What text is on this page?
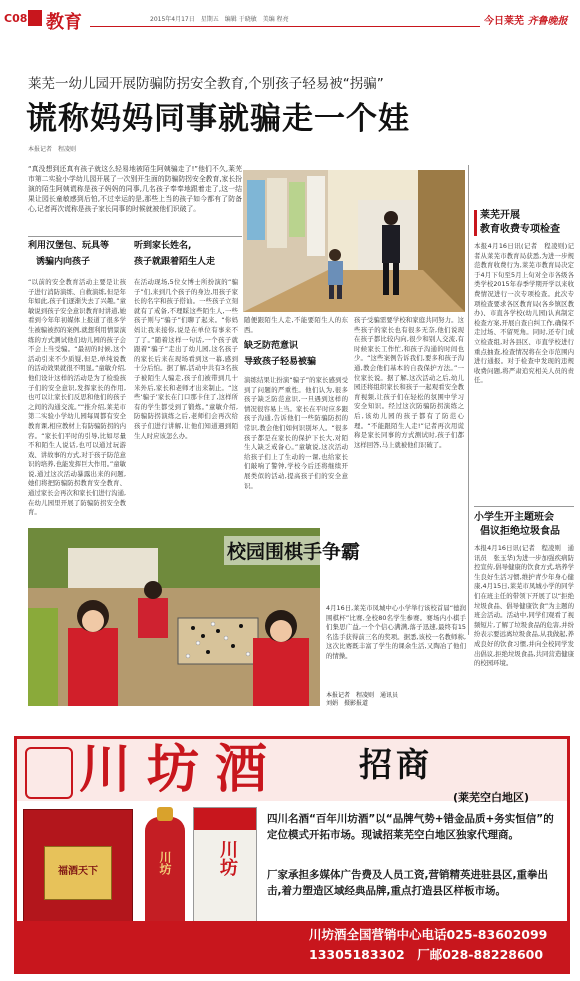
C08 教育	2015年4月17日　 星期五　 编辑 于晓敏　 美编 程亮	今日莱芜 齐鲁晚报
莱芜一幼儿园开展防骗防拐安全教育,个别孩子轻易被“拐骗”
谎称妈妈同事就骗走一个娃
本报记者　程凌则
“真没想到还真有孩子就这么轻易地被陌生阿姨骗走了!”他们不久,莱芜市第二实验小学幼儿园开展了一次别开生面的防骗防拐安全教育,家长扮演的陌生阿姨谎称是孩子妈妈的同事,几名孩子奉奉地跟着走了,这一结果让园长童敏感到后怕,不过幸运的是,那些上当的孩子如今都有了防备心,记者再次谎称是孩子家长同事的时候就被他们识破了。
利用汉堡包、玩具等
诱骗内向孩子
“以前的安全教育活动主要是让孩子进行消防演练、自救演练,但是年年如此,孩子们逐渐失去了兴趣。”童敏说到孩子安全意识教育时讲道,她看到今年年初媒体上报道了很多学生被骗被拐的案例,就想利用情景演练的方式测试他们幼儿园的孩子会不会上当受骗。“最初的时候,这个活动引来不少质疑,但是,单纯说教的活动效果就很不明显。”童敏介绍,他们设计这样的活动是为了检验孩子们的安全意识,发挥家长的作用,也可以让家长们反思和他们的孩子之间的沟通交流。”“推介绍,莱芜市第二实验小学幼儿园每周都有安全教育课,相应教材上有防骗防拐的内容。“家长们平时的引导,比如尽量不和陌生人说话,也可以通过玩游戏、讲故事的方式,对于孩子防范意识的培养,也能发挥巨大作用。”童敏说,通过这次活动暴露出来的问题,她们将把防骗防拐教育安全教育、通过家长会再次和家长们进行沟通,在幼儿园里开展了防骗防拐安全教育。
听到家长姓名,
孩子就跟着陌生人走
在活动现场,5位女博士所扮演的“骗子”们,来到几个孩子的身边,用孩子家长的名字和孩子搭讪。一些孩子立刻就有了戒备,不理睬这些陌生人,一些孩子则与“骗子”们聊了起来。“你妈妈让我来接你,说是在单位有事来不了了。”随着这样一句话,一个孩子就跟着“骗子”走出了幼儿园,这名孩子的家长后来在现场看到这一幕,感到十分后怕。据了解,活动中共有3名孩子被陌生人骗走,孩子们被带到几十米外后,家长和老师才出来制止。“这些‘骗子’家长在门口那卡住了,这样所有的学生都受到了锻炼。”童敏介绍,防骗防拐演练之后,老师们会再次给孩子们进行讲解,让他们知道遇到陌生人时应该怎么办。
随便跟陌生人走,不能要陌生人的东西。
缺乏防范意识
导致孩子轻易被骗
演练结果让扮演“骗子”的家长感到受到了问题的严重性。他们认为,很多孩子缺乏防范意识,一旦遇到这样的情况很容易上当。家长在平时应多跟孩子沟通,告诉他们一些防骗防拐的常识,教会他们如何识别坏人。“很多孩子都是在家长的保护下长大,对陌生人缺乏戒备心。”童敏说,这次活动给孩子们上了生动的一课,也给家长们敲响了警钟,学校今后还将继续开展类似的活动,提高孩子们的安全意识。
孩子受骗需要学校和家庭共同努力。这些孩子的家长也有很多无奈,他们说现在孩子都比较内向,很少和别人交流,有时候家长工作忙,和孩子沟通的时间也少。“这些案例告诉我们,要多和孩子沟通,教会他们基本的自我保护方法。”一位家长说。据了解,这次活动之后,幼儿园还将组织家长和孩子一起观看安全教育视频,让孩子们在轻松的氛围中学习安全知识。经过这次防骗防拐演练之后,该幼儿园的孩子都有了防范心理。“不能跟陌生人走!”记者再次用谎称是家长同事的方式测试时,孩子们都这样回答,马上就被他们识破了。
莱芜开展
教育收费专项检查
本报4月16日讯(记者　程凌则)记者从莱芜市教育局获悉,为进一步规范教育收费行为,莱芜市教育局决定于4月下旬至5月上旬对全市各级各类学校2015年春季学期开学以来收费情况进行一次专项检查。此次专项检查要求各区教育局(各乡镇区教办)、市直各学校(幼儿园)认真制定检查方案,开展自查自纠工作,确保不走过场、不留死角。同时,还专门成立检查组,对各县区、市直学校进行重点抽查,检查情况将在全市范围内进行通报。对于检查中发现的违规收费问题,将严肃追究相关人员的责任。
小学生开主题班会
倡议拒绝垃圾食品
本报4月16日讯(记者　程凌则　通讯员　张玉华)为进一步加强疾病防控宣传,倡导健康的饮食方式,培养学生良好生活习惯,维护青少年身心健康,4月15日,莱芜市凤城小学的同学们在班主任的带领下开展了以“拒绝垃圾食品、倡导健康饮食”为主题的班会活动。活动中,同学们观看了视频短片,了解了垃圾食品的危害,并纷纷表示要远离垃圾食品,从我做起,养成良好的饮食习惯,并向全校同学发出倡议,拒绝垃圾食品,共同营造健康的校园环境。
校园围棋手争霸
4月16日,莱芜市凤城中心小学举行该校首届“德润围棋杯”比赛,全校80名学生参赛。赛场内小棋手们集思广益,一个个信心满满,落子迅速,最终有15名选手获得前三名的奖项。据悉,该校一名教师称,这次比赛既丰富了学生的课余生活,又陶冶了他们的情操。
本报记者　程凌则　通讯员
刘娟　摄影报道
川坊酒 招商
(莱芜空白地区)
福酒天下	川坊	川坊
四川名酒“百年川坊酒”以“品牌气势+错金品质+务实恒信”的定位模式开拓市场。现诚招莱芜空白地区独家代理商。
厂家承担多媒体广告费及人员工资,营销精英进驻县区,重拳出击,着力塑造区域经典品牌,重点打造县区样板市场。
川坊酒全国营销中心电话025-83602099
13305183302　 厂邮028-88228600
